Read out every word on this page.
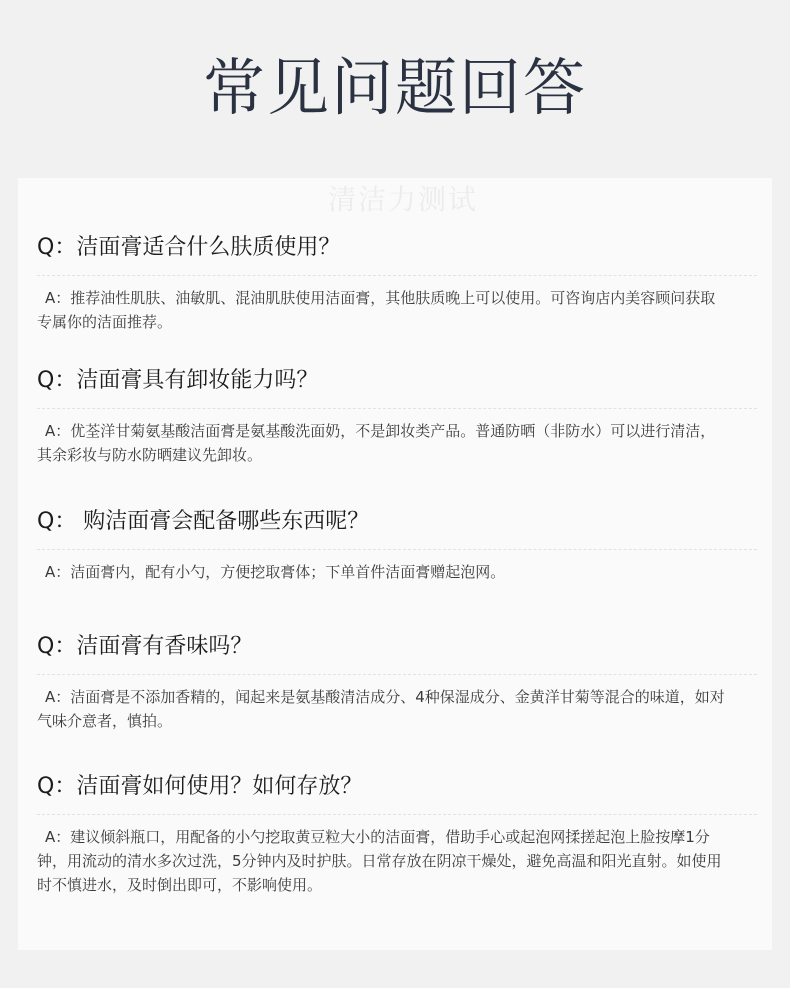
常见问题回答
清洁力测试
Q：洁面膏适合什么肤质使用？
A：推荐油性肌肤、油敏肌、混油肌肤使用洁面膏，其他肤质晚上可以使用。可咨询店内美容顾问获取专属你的洁面推荐。
Q：洁面膏具有卸妆能力吗？
A：优荃洋甘菊氨基酸洁面膏是氨基酸洗面奶，不是卸妆类产品。普通防晒（非防水）可以进行清洁，其余彩妆与防水防晒建议先卸妆。
Q： 购洁面膏会配备哪些东西呢？
A：洁面膏内，配有小勺，方便挖取膏体；下单首件洁面膏赠起泡网。
Q：洁面膏有香味吗？
A：洁面膏是不添加香精的，闻起来是氨基酸清洁成分、4种保湿成分、金黄洋甘菊等混合的味道，如对气味介意者，慎拍。
Q：洁面膏如何使用？如何存放？
A：建议倾斜瓶口，用配备的小勺挖取黄豆粒大小的洁面膏，借助手心或起泡网揉搓起泡上脸按摩1分钟，用流动的清水多次过洗，5分钟内及时护肤。日常存放在阴凉干燥处，避免高温和阳光直射。如使用时不慎进水，及时倒出即可，不影响使用。
